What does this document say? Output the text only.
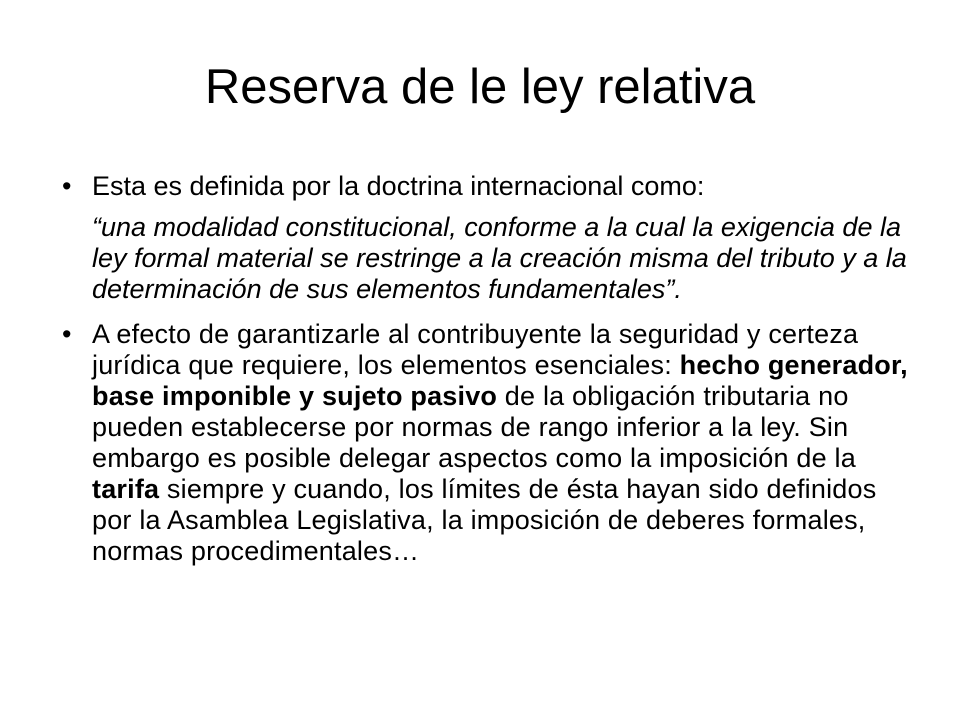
Reserva de le ley relativa
• Esta es definida por la doctrina internacional como:
“una modalidad constitucional, conforme a la cual la exigencia de la ley formal material se restringe a la creación misma del tributo y a la determinación de sus elementos fundamentales”.
• A efecto de garantizarle al contribuyente la seguridad y certeza jurídica que requiere, los elementos esenciales: hecho generador, base imponible y sujeto pasivo de la obligación tributaria no pueden establecerse por normas de rango inferior a la ley. Sin embargo es posible delegar aspectos como la imposición de la tarifa siempre y cuando, los límites de ésta hayan sido definidos por la Asamblea Legislativa, la imposición de deberes formales, normas procedimentales…
